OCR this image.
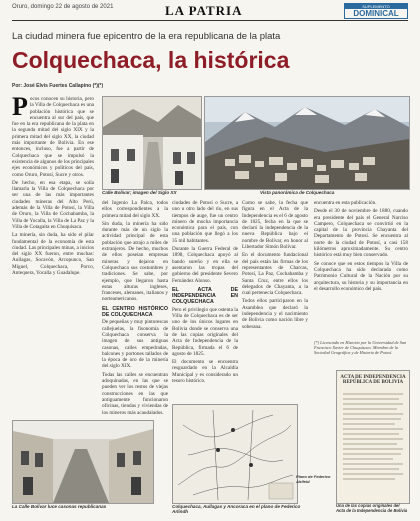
Oruro, domingo 22 de agosto de 2021	LA PATRIA	SUPLEMENTO
DOMINICAL
La ciudad minera fue epicentro de la era republicana de la plata
Colquechaca, la histórica
Por: José Elvis Fuertes Callapino (*)(*)
P ocos conocen su historia, pero la Villa de Colquechaca es una población histórica que se encuentra al sur del país, que fue en la era republicana de la plata en la segunda mitad del siglo XIX y la primera mitad del siglo XX, la ciudad más importante de Bolivia. En ese entonces, incluso, fue a partir de Colquechaca que se impulsó la existencia de algunos de los principales ejes económicos y políticos del país, como Oruro, Potosí, Sucre y otros.

De hecho, en esa etapa, se solía llamarla la Villa de Colquechaca por ser una de las más importantes ciudades mineras del Alto Perú, además de la Villa de Potosí, la Villa de Oruro, la Villa de Cochabamba, la Villa de Yocalla, la Villa de La Paz y la Villa de Cotagaita en Chuquisaca.

La minería, sin duda, ha sido el pilar fundamental de la economía de esta ciudad. Las principales minas, a inicios del siglo XX fueron, entre muchas: Aullagas, Socavón, Arcopunco, San Miguel, Colquechaca, Porco, Antequera, Yocalla y Guadalupe.

Calle Bolívar; imagen del Siglo XX	Vista panorámica de Colquechaca

del Ingenio La Palca, todos ellos correspondientes a la primera mitad del siglo XX.

Sin duda, la minería ha sido durante más de un siglo la actividad principal de esta población que atrajo a miles de extranjeros. De hecho, muchos de ellos poseían empresas mineras y dejaron en Colquechaca sus costumbres y tradiciones. Se sabe, por ejemplo, que llegaron hasta estas alturas ingleses, franceses, alemanes, italianos y norteamericanos.

EL CENTRO HISTÓRICO DE COLQUECHACA

De pequeñas y muy pintorescas callejuelas, la fisonomía de Colquechaca conserva la imagen de sus antiguas casonas, calles empedradas, balcones y portones tallados de la época de oro de la minería del siglo XIX.

Todas las calles se encuentran adoquinadas, en las que se pueden ver los restos de viejas construcciones en las que antiguamente funcionaron oficinas, tiendas y viviendas de los mineros más acaudalados.

ciudades de Potosí o Sucre, a uno u otro lado del río, en sus tiempos de auge, fue un centro minero de mucha importancia económica para el país, con una población que llegó a los 35 mil habitantes.

Durante la Guerra Federal de 1898, Colquechaca apoyó al bando sureño y en ella se asentaron las tropas del gobierno del presidente Severo Fernández Alonso.

EL ACTA DE INDEPENDENCIA EN COLQUECHACA

Pero el privilegio que ostenta la Villa de Colquechaca es de ser uno de los únicos lugares en Bolivia donde se conserva una de las copias originales del Acta de Independencia de la República, firmada el 6 de agosto de 1825.

El documento se encuentra resguardado en la Alcaldía Municipal y es considerado un tesoro histórico.

Como se sabe, la fecha que figura en el Acta de la Independencia es el 6 de agosto de 1825, fecha en la que se declaró la independencia de la nueva República bajo el nombre de Bolívar, en honor al Libertador Simón Bolívar.

En el documento fundacional del país están las firmas de los representantes de Charcas, Potosí, La Paz, Cochabamba y Santa Cruz, entre ellos los delegados de Chayanta, a la cual pertenecía Colquechaca.

Todos ellos participaron en la Asamblea que declaró la independencia y el nacimiento de Bolivia como nación libre y soberana.

encuentra en esta publicación.

Desde el 30 de noviembre de 1880, cuando era presidente del país el General Narciso Campero, Colquechaca se convirtió en la capital de la provincia Chayanta del Departamento de Potosí. Se encuentra al norte de la ciudad de Potosí, a casi 158 kilómetros aproximadamente. Su centro histórico está muy bien conservado.

Se conoce que en estos tiempos la Villa de Colquechaca ha sido declarada como Patrimonio Cultural de la Nación por su arquitectura, su historia y su importancia en el desarrollo económico del país.

(*) Licenciado en Historia por la Universidad de San Francisco Xavier de Chuquisaca. Miembro de la Sociedad Geográfica y de Historia de Potosí.
La Calle Bolívar luce casonas republicanas
Plano de Federico Ahlfeld
Colquechaca, Aullagas y Ancoraca en el plano de Federico Arlindh
ACTA DE INDEPENDENCIA
REPÚBLICA DE BOLIVIA
Una de las copias originales del Acta de la Independencia de Bolivia
